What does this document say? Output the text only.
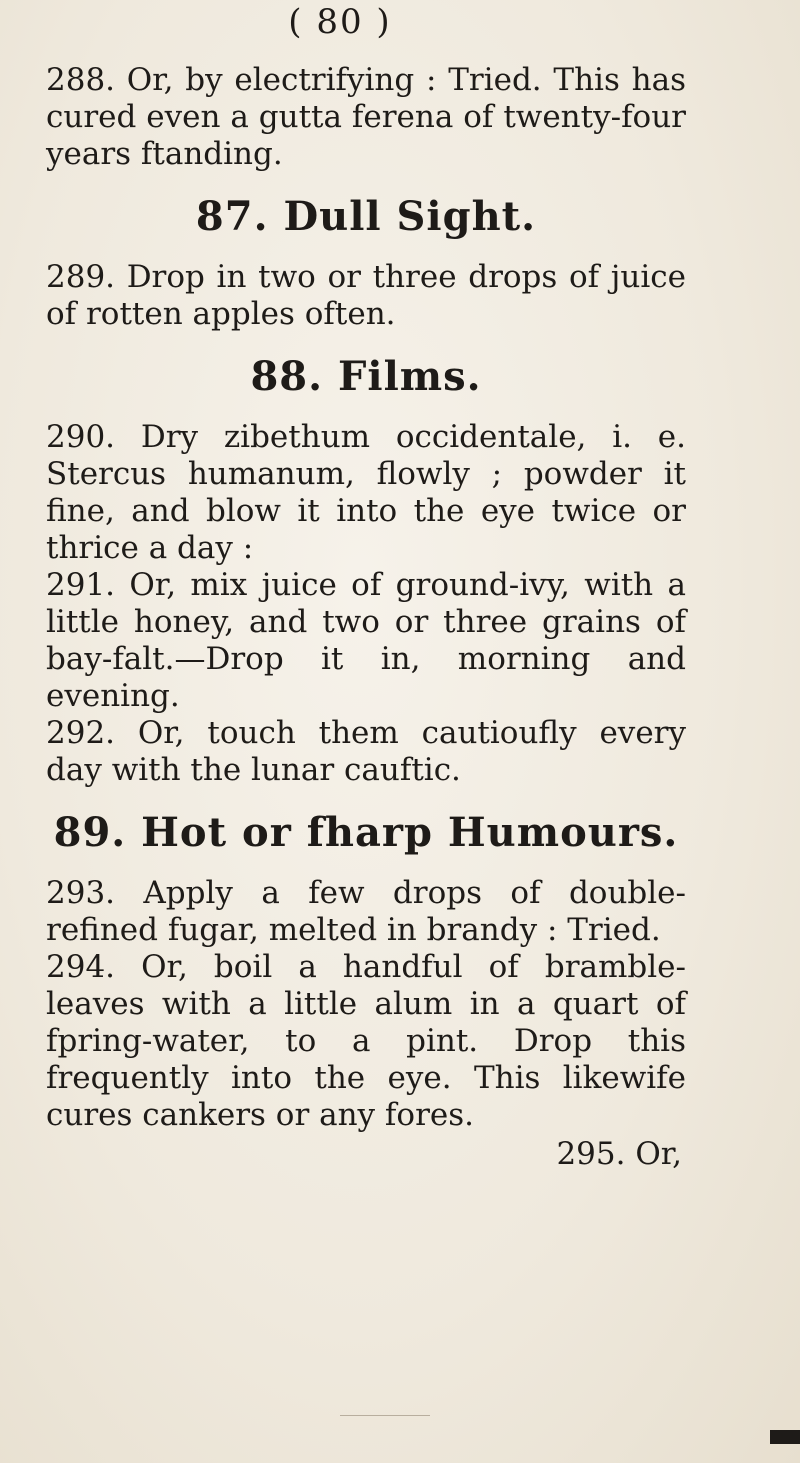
( 80 )

288. Or, by electrifying : Tried. This has cured even a gutta ferena of twenty-four years ftanding.

87. Dull Sight.

289. Drop in two or three drops of juice of rotten apples often.

88. Films.

290. Dry zibethum occidentale, i. e. Stercus humanum, flowly ; powder it fine, and blow it into the eye twice or thrice a day :

291. Or, mix juice of ground-ivy, with a little honey, and two or three grains of bay-falt.—Drop it in, morning and evening.

292. Or, touch them cautioufly every day with the lunar cauftic.

89. Hot or fharp Humours.

293. Apply a few drops of double-refined fugar, melted in brandy : Tried.

294. Or, boil a handful of bramble-leaves with a little alum in a quart of fpring-water, to a pint. Drop this frequently into the eye. This likewife cures cankers or any fores.

295. Or,
